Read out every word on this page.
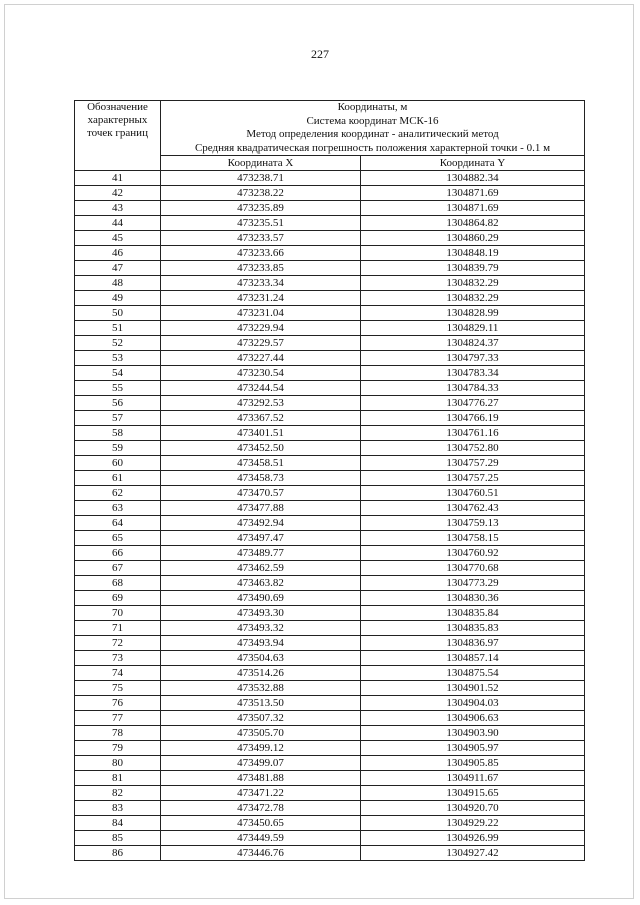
227
Обозначение
характерных
точек границ	Координаты, м
Система координат МСК-16
Метод определения координат - аналитический метод
Средняя квадратическая погрешность положения характерной точки - 0.1 м	

	Координата X	Координата Y
41	473238.71	1304882.34
42	473238.22	1304871.69
43	473235.89	1304871.69
44	473235.51	1304864.82
45	473233.57	1304860.29
46	473233.66	1304848.19
47	473233.85	1304839.79
48	473233.34	1304832.29
49	473231.24	1304832.29
50	473231.04	1304828.99
51	473229.94	1304829.11
52	473229.57	1304824.37
53	473227.44	1304797.33
54	473230.54	1304783.34
55	473244.54	1304784.33
56	473292.53	1304776.27
57	473367.52	1304766.19
58	473401.51	1304761.16
59	473452.50	1304752.80
60	473458.51	1304757.29
61	473458.73	1304757.25
62	473470.57	1304760.51
63	473477.88	1304762.43
64	473492.94	1304759.13
65	473497.47	1304758.15
66	473489.77	1304760.92
67	473462.59	1304770.68
68	473463.82	1304773.29
69	473490.69	1304830.36
70	473493.30	1304835.84
71	473493.32	1304835.83
72	473493.94	1304836.97
73	473504.63	1304857.14
74	473514.26	1304875.54
75	473532.88	1304901.52
76	473513.50	1304904.03
77	473507.32	1304906.63
78	473505.70	1304903.90
79	473499.12	1304905.97
80	473499.07	1304905.85
81	473481.88	1304911.67
82	473471.22	1304915.65
83	473472.78	1304920.70
84	473450.65	1304929.22
85	473449.59	1304926.99
86	473446.76	1304927.42
